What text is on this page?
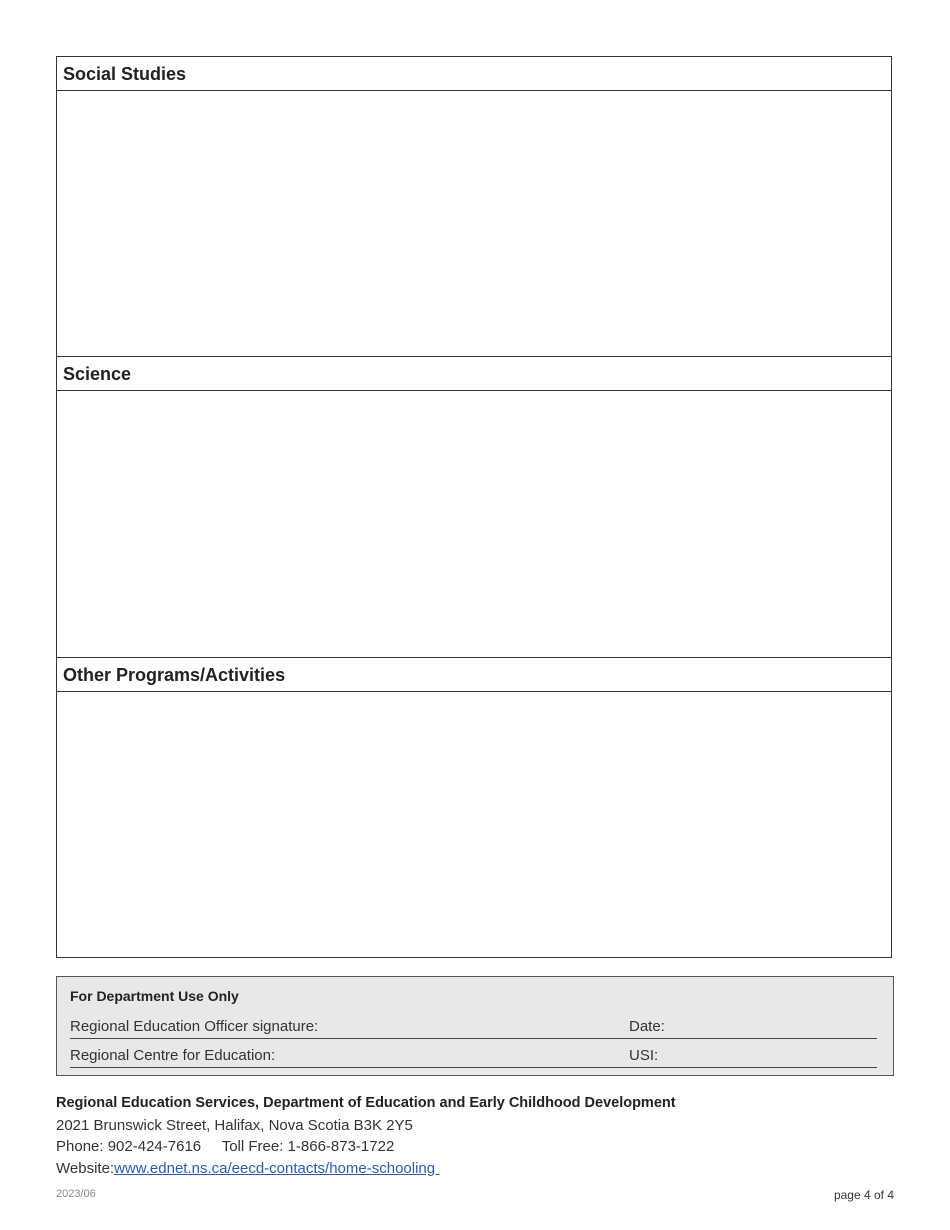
Social Studies
Science
Other Programs/Activities
For Department Use Only
Regional Education Officer signature:	Date:
Regional Centre for Education:	USI:
Regional Education Services, Department of Education and Early Childhood Development
2021 Brunswick Street, Halifax, Nova Scotia B3K 2Y5
Phone: 902-424-7616     Toll Free: 1-866-873-1722
Website:www.ednet.ns.ca/eecd-contacts/home-schooling
2023/06	page 4 of 4
